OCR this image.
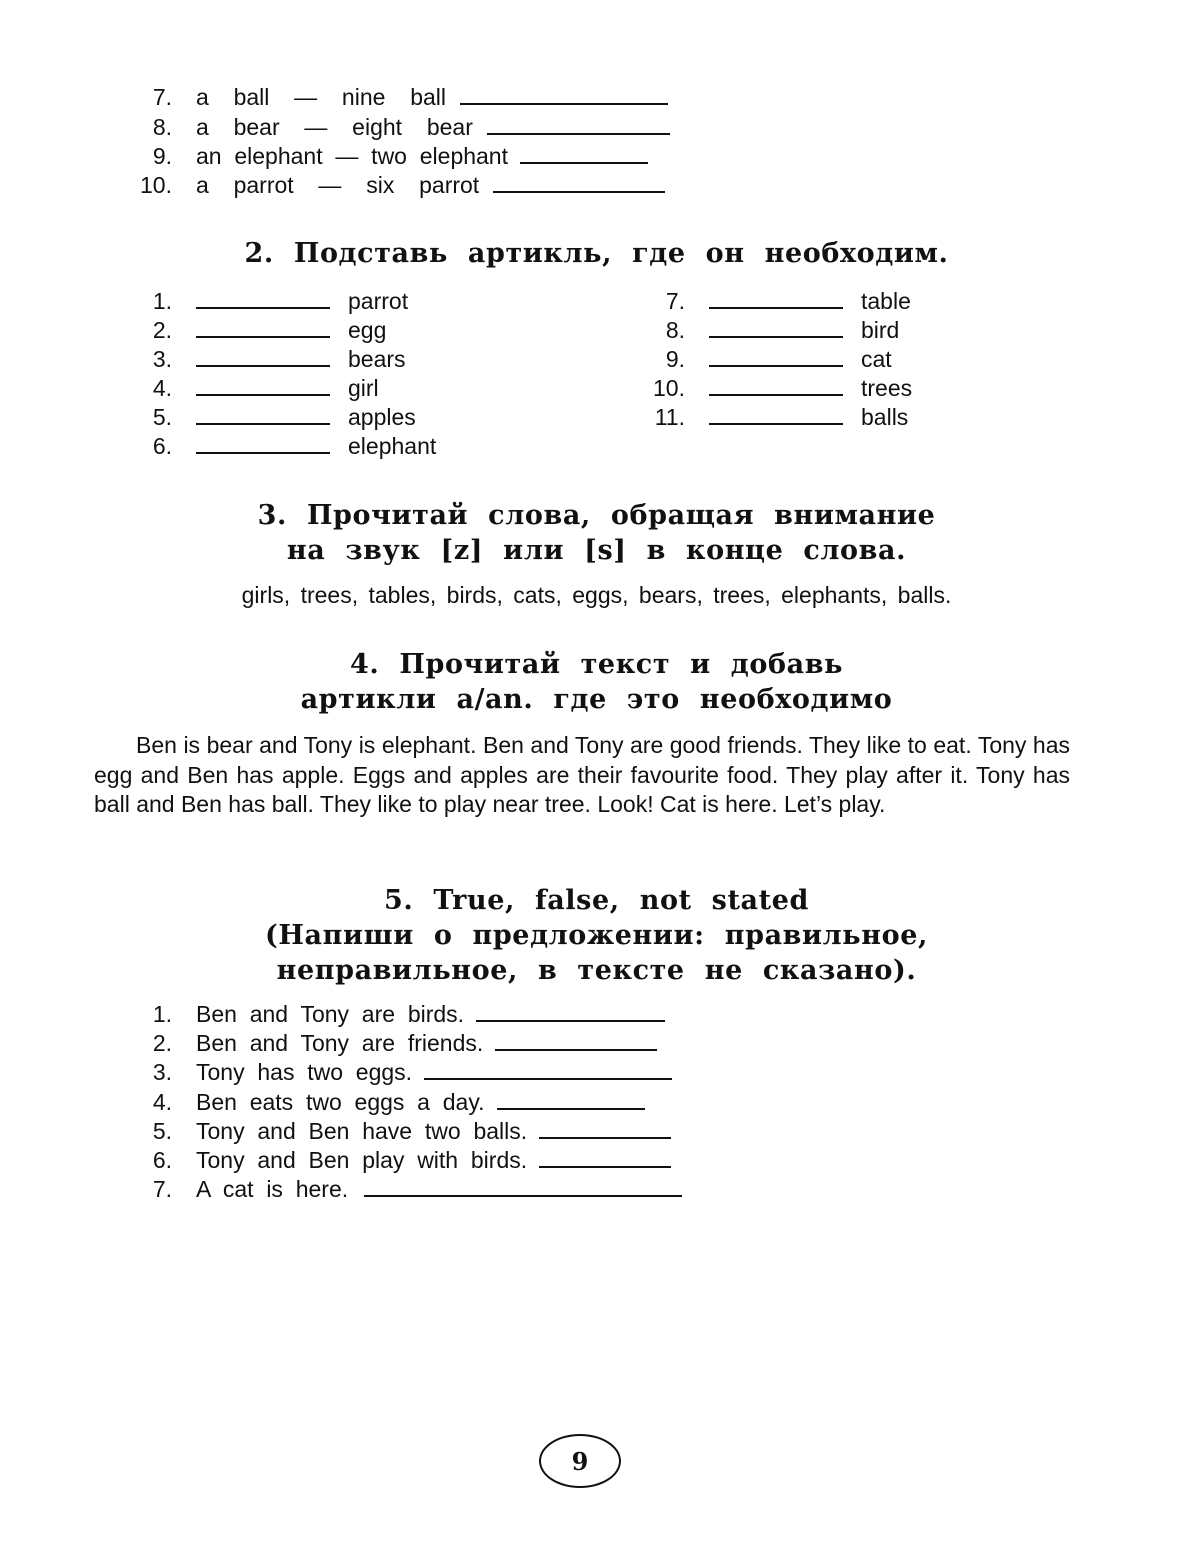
7. a  ball  —  nine  ball
8. a  bear  —  eight  bear
9. an  elephant  —  two  elephant
10. a  parrot  —  six  parrot
2. Подставь артикль, где он необходим.
1.	parrot
2.	egg
3.	bears
4.	girl
5.	apples
6.	elephant
7.	table
8.	bird
9.	cat
10.	trees
11.	balls
3. Прочитай слова, обращая внимание
на звук [z] или [s] в конце слова.
girls, trees, tables, birds, cats, eggs, bears, trees, elephants, balls.
4. Прочитай текст и добавь
артикли a/an. где это необходимо
Ben is bear and Tony is elephant. Ben and Tony are good friends. They like to eat. Tony has egg and Ben has apple. Eggs and apples are their favourite food. They play after it. Tony has ball and Ben has ball. They like to play near tree. Look! Cat is here. Let’s play.
5. True, false, not stated
(Напиши о предложении: правильное,
неправильное, в тексте не сказано).
1. Ben  and  Tony  are  birds.
2. Ben  and  Tony  are  friends.
3. Tony  has  two  eggs.
4. Ben  eats  two  eggs  a  day.
5. Tony  and  Ben  have  two  balls.
6. Tony  and  Ben  play  with  birds.
7. A  cat  is  here.
9
